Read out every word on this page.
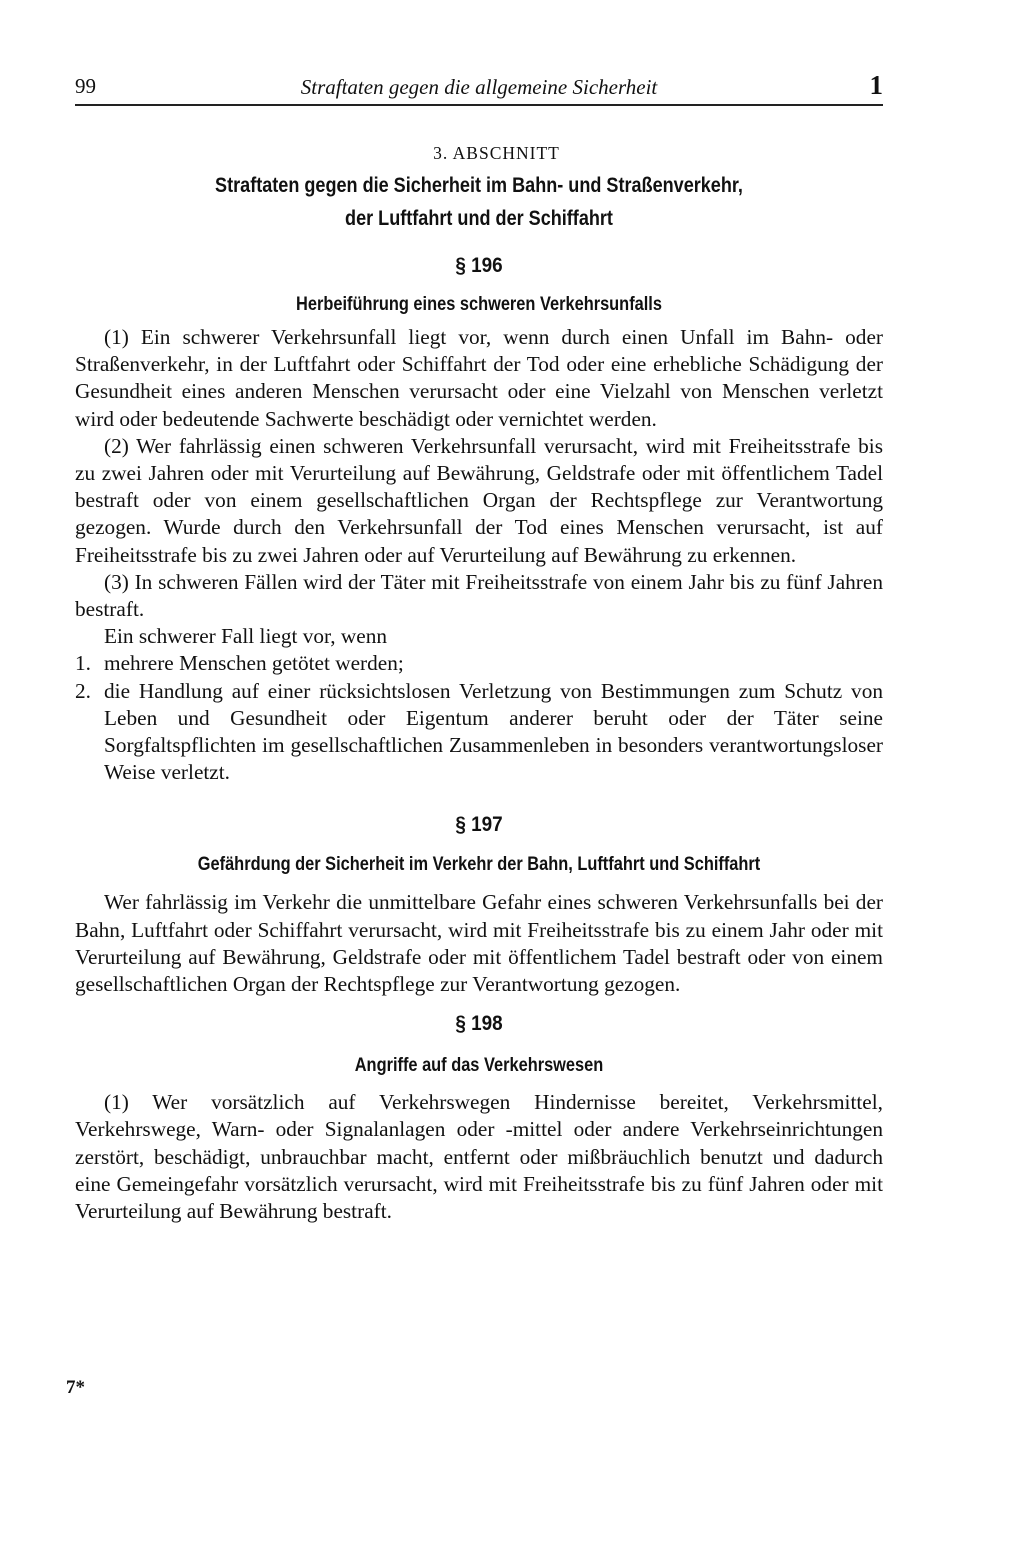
99	Straftaten gegen die allgemeine Sicherheit	1
3. ABSCHNITT
Straftaten gegen die Sicherheit im Bahn- und Straßenverkehr,
der Luftfahrt und der Schiffahrt
§ 196
Herbeiführung eines schweren Verkehrsunfalls

(1) Ein schwerer Verkehrsunfall liegt vor, wenn durch einen Unfall im Bahn- oder Straßenverkehr, in der Luftfahrt oder Schiffahrt der Tod oder eine erhebliche Schädigung der Gesundheit eines anderen Menschen verursacht oder eine Vielzahl von Menschen verletzt wird oder bedeutende Sachwerte beschädigt oder vernichtet werden.

(2) Wer fahrlässig einen schweren Verkehrsunfall verursacht, wird mit Freiheitsstrafe bis zu zwei Jahren oder mit Verurteilung auf Bewährung, Geldstrafe oder mit öffentlichem Tadel bestraft oder von einem gesellschaftlichen Organ der Rechtspflege zur Verantwortung gezogen. Wurde durch den Verkehrsunfall der Tod eines Menschen verursacht, ist auf Freiheitsstrafe bis zu zwei Jahren oder auf Verurteilung auf Bewährung zu erkennen.

(3) In schweren Fällen wird der Täter mit Freiheitsstrafe von einem Jahr bis zu fünf Jahren bestraft.

Ein schwerer Fall liegt vor, wenn

1. mehrere Menschen getötet werden;
2. die Handlung auf einer rücksichtslosen Verletzung von Bestimmungen zum Schutz von Leben und Gesundheit oder Eigentum anderer beruht oder der Täter seine Sorgfaltspflichten im gesellschaftlichen Zusammenleben in besonders verantwortungsloser Weise verletzt.
§ 197
Gefährdung der Sicherheit im Verkehr der Bahn, Luftfahrt und Schiffahrt

Wer fahrlässig im Verkehr die unmittelbare Gefahr eines schweren Verkehrsunfalls bei der Bahn, Luftfahrt oder Schiffahrt verursacht, wird mit Freiheitsstrafe bis zu einem Jahr oder mit Verurteilung auf Bewährung, Geldstrafe oder mit öffentlichem Tadel bestraft oder von einem gesellschaftlichen Organ der Rechtspflege zur Verantwortung gezogen.

§ 198
Angriffe auf das Verkehrswesen

(1) Wer vorsätzlich auf Verkehrswegen Hindernisse bereitet, Verkehrsmittel, Verkehrswege, Warn- oder Signalanlagen oder -mittel oder andere Verkehrseinrichtungen zerstört, beschädigt, unbrauchbar macht, entfernt oder mißbräuchlich benutzt und dadurch eine Gemeingefahr vorsätzlich verursacht, wird mit Freiheitsstrafe bis zu fünf Jahren oder mit Verurteilung auf Bewährung bestraft.

7*
